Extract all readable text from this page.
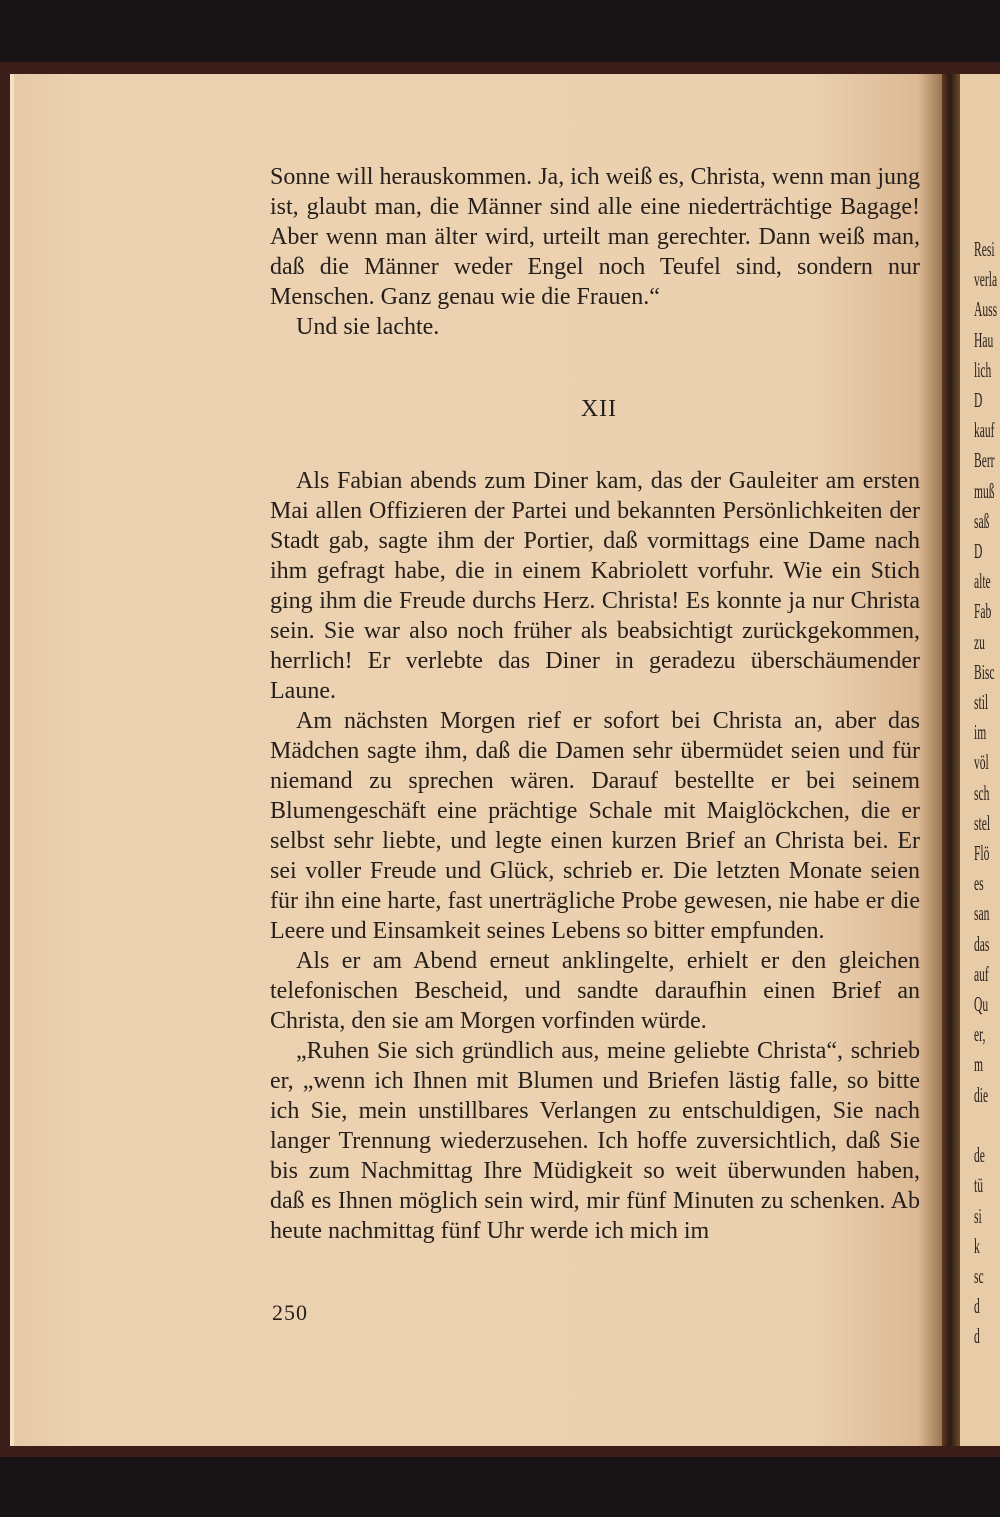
Resi
verla
Auss
Hau
lich
D
kauf
Berr
muß
saß
D
alte
Fab
zu
Bisc
stil
im
völ
sch
stel
Flö
es
san
das
auf
Qu
er,
m
die

de
tü
si
k
sc
d
d

Sonne will herauskommen. Ja, ich weiß es, Christa, wenn man jung ist, glaubt man, die Männer sind alle eine niederträchtige Bagage! Aber wenn man älter wird, urteilt man gerechter. Dann weiß man, daß die Männer weder Engel noch Teufel sind, sondern nur Menschen. Ganz genau wie die Frauen.“

Und sie lachte.

XII

Als Fabian abends zum Diner kam, das der Gauleiter am ersten Mai allen Offizieren der Partei und bekannten Persönlichkeiten der Stadt gab, sagte ihm der Portier, daß vormittags eine Dame nach ihm gefragt habe, die in einem Kabriolett vorfuhr. Wie ein Stich ging ihm die Freude durchs Herz. Christa! Es konnte ja nur Christa sein. Sie war also noch früher als beabsichtigt zurückgekommen, herrlich! Er verlebte das Diner in geradezu überschäumender Laune.

Am nächsten Morgen rief er sofort bei Christa an, aber das Mädchen sagte ihm, daß die Damen sehr übermüdet seien und für niemand zu sprechen wären. Darauf bestellte er bei seinem Blumengeschäft eine prächtige Schale mit Maiglöckchen, die er selbst sehr liebte, und legte einen kurzen Brief an Christa bei. Er sei voller Freude und Glück, schrieb er. Die letzten Monate seien für ihn eine harte, fast unerträgliche Probe gewesen, nie habe er die Leere und Einsamkeit seines Lebens so bitter empfunden.

Als er am Abend erneut anklingelte, erhielt er den gleichen telefonischen Bescheid, und sandte daraufhin einen Brief an Christa, den sie am Morgen vorfinden würde.

„Ruhen Sie sich gründlich aus, meine geliebte Christa“, schrieb er, „wenn ich Ihnen mit Blumen und Briefen lästig falle, so bitte ich Sie, mein unstillbares Verlangen zu entschuldigen, Sie nach langer Trennung wiederzusehen. Ich hoffe zuversichtlich, daß Sie bis zum Nachmittag Ihre Müdigkeit so weit überwunden haben, daß es Ihnen möglich sein wird, mir fünf Minuten zu schenken. Ab heute nachmittag fünf Uhr werde ich mich im

250
